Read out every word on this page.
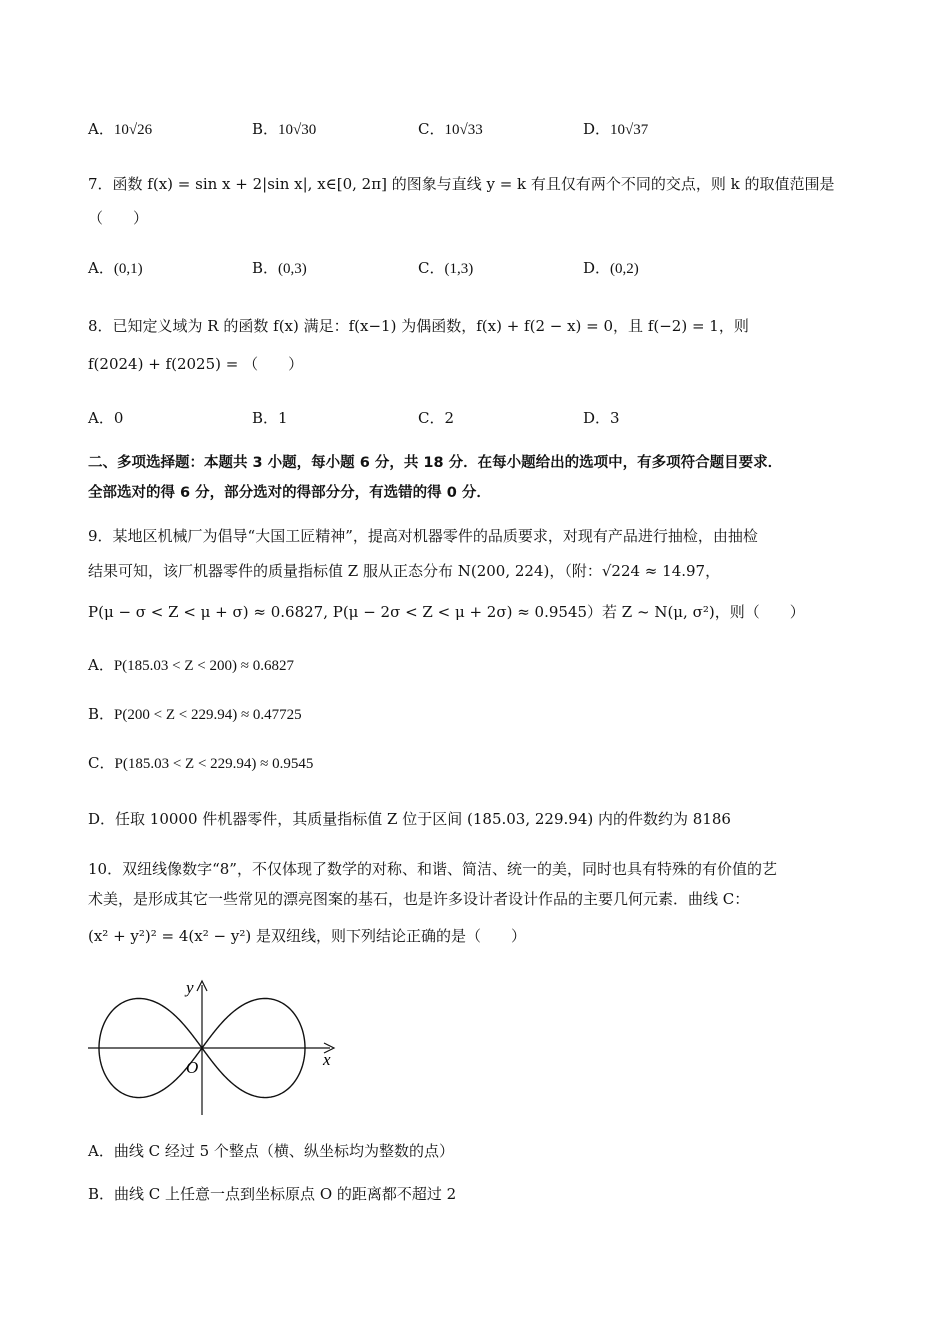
A．10√26	B．10√30	C．10√33	D．10√37
7．函数 f(x) = sin x + 2|sin x|, x∈[0, 2π] 的图象与直线 y = k 有且仅有两个不同的交点，则 k 的取值范围是
（　　）
A．(0,1)	B．(0,3)	C．(1,3)	D．(0,2)
8．已知定义域为 R 的函数 f(x) 满足：f(x−1) 为偶函数，f(x) + f(2 − x) = 0，且 f(−2) = 1，则
f(2024) + f(2025) = （　　）
A．0	B．1	C．2	D．3
二、多项选择题：本题共 3 小题，每小题 6 分，共 18 分．在每小题给出的选项中，有多项符合题目要求．
全部选对的得 6 分，部分选对的得部分分，有选错的得 0 分．
9．某地区机械厂为倡导“大国工匠精神”，提高对机器零件的品质要求，对现有产品进行抽检，由抽检
结果可知，该厂机器零件的质量指标值 Z 服从正态分布 N(200, 224)，（附：√224 ≈ 14.97，
P(μ − σ < Z < μ + σ) ≈ 0.6827, P(μ − 2σ < Z < μ + 2σ) ≈ 0.9545）若 Z ~ N(μ, σ²)，则（　　）
A．P(185.03 < Z < 200) ≈ 0.6827
B．P(200 < Z < 229.94) ≈ 0.47725
C．P(185.03 < Z < 229.94) ≈ 0.9545
D．任取 10000 件机器零件，其质量指标值 Z 位于区间 (185.03, 229.94) 内的件数约为 8186
10．双纽线像数字“8”，不仅体现了数学的对称、和谐、简洁、统一的美，同时也具有特殊的有价值的艺
术美，是形成其它一些常见的漂亮图案的基石，也是许多设计者设计作品的主要几何元素．曲线 C：
(x² + y²)² = 4(x² − y²) 是双纽线，则下列结论正确的是（　　）
y
x
O
A．曲线 C 经过 5 个整点（横、纵坐标均为整数的点）
B．曲线 C 上任意一点到坐标原点 O 的距离都不超过 2
